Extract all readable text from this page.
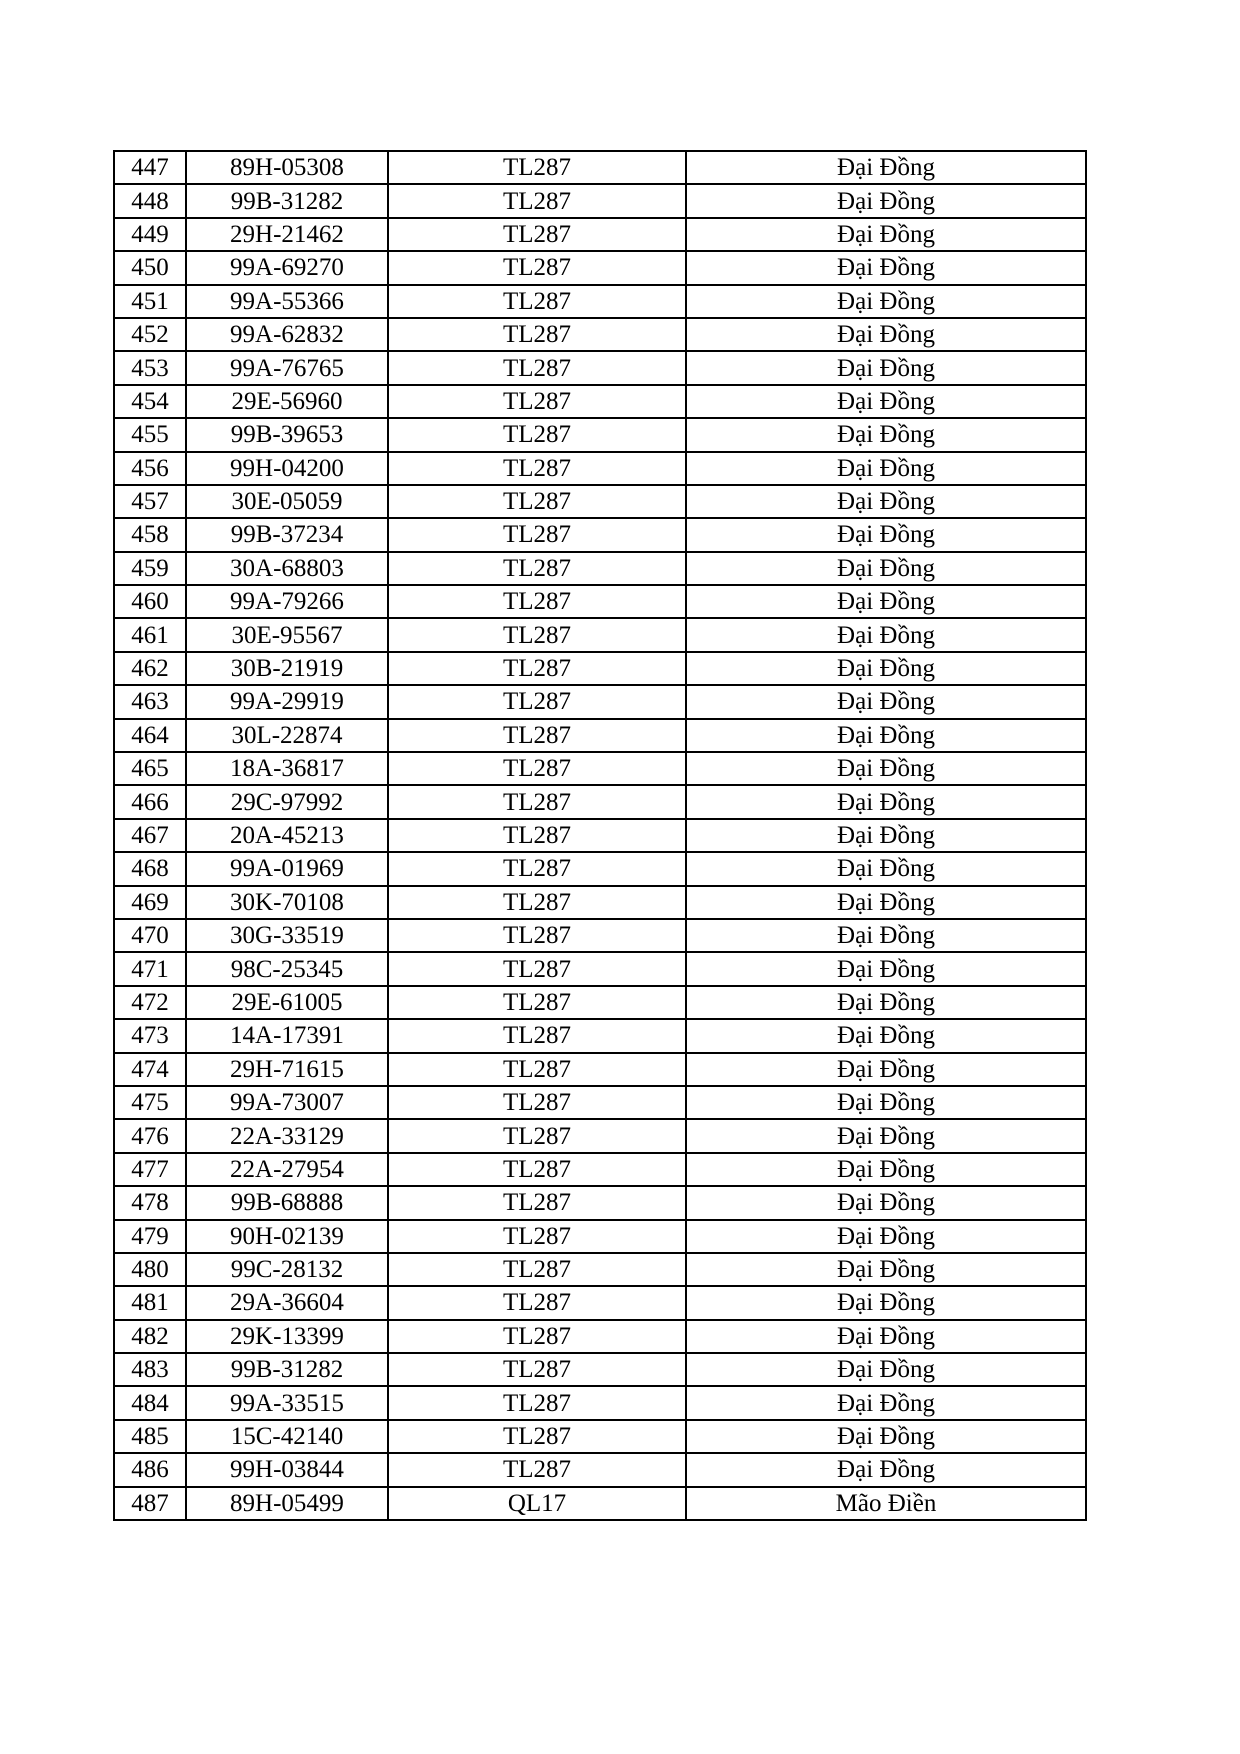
447	89H-05308	TL287	Đại Đồng
448	99B-31282	TL287	Đại Đồng
449	29H-21462	TL287	Đại Đồng
450	99A-69270	TL287	Đại Đồng
451	99A-55366	TL287	Đại Đồng
452	99A-62832	TL287	Đại Đồng
453	99A-76765	TL287	Đại Đồng
454	29E-56960	TL287	Đại Đồng
455	99B-39653	TL287	Đại Đồng
456	99H-04200	TL287	Đại Đồng
457	30E-05059	TL287	Đại Đồng
458	99B-37234	TL287	Đại Đồng
459	30A-68803	TL287	Đại Đồng
460	99A-79266	TL287	Đại Đồng
461	30E-95567	TL287	Đại Đồng
462	30B-21919	TL287	Đại Đồng
463	99A-29919	TL287	Đại Đồng
464	30L-22874	TL287	Đại Đồng
465	18A-36817	TL287	Đại Đồng
466	29C-97992	TL287	Đại Đồng
467	20A-45213	TL287	Đại Đồng
468	99A-01969	TL287	Đại Đồng
469	30K-70108	TL287	Đại Đồng
470	30G-33519	TL287	Đại Đồng
471	98C-25345	TL287	Đại Đồng
472	29E-61005	TL287	Đại Đồng
473	14A-17391	TL287	Đại Đồng
474	29H-71615	TL287	Đại Đồng
475	99A-73007	TL287	Đại Đồng
476	22A-33129	TL287	Đại Đồng
477	22A-27954	TL287	Đại Đồng
478	99B-68888	TL287	Đại Đồng
479	90H-02139	TL287	Đại Đồng
480	99C-28132	TL287	Đại Đồng
481	29A-36604	TL287	Đại Đồng
482	29K-13399	TL287	Đại Đồng
483	99B-31282	TL287	Đại Đồng
484	99A-33515	TL287	Đại Đồng
485	15C-42140	TL287	Đại Đồng
486	99H-03844	TL287	Đại Đồng
487	89H-05499	QL17	Mão Điền
